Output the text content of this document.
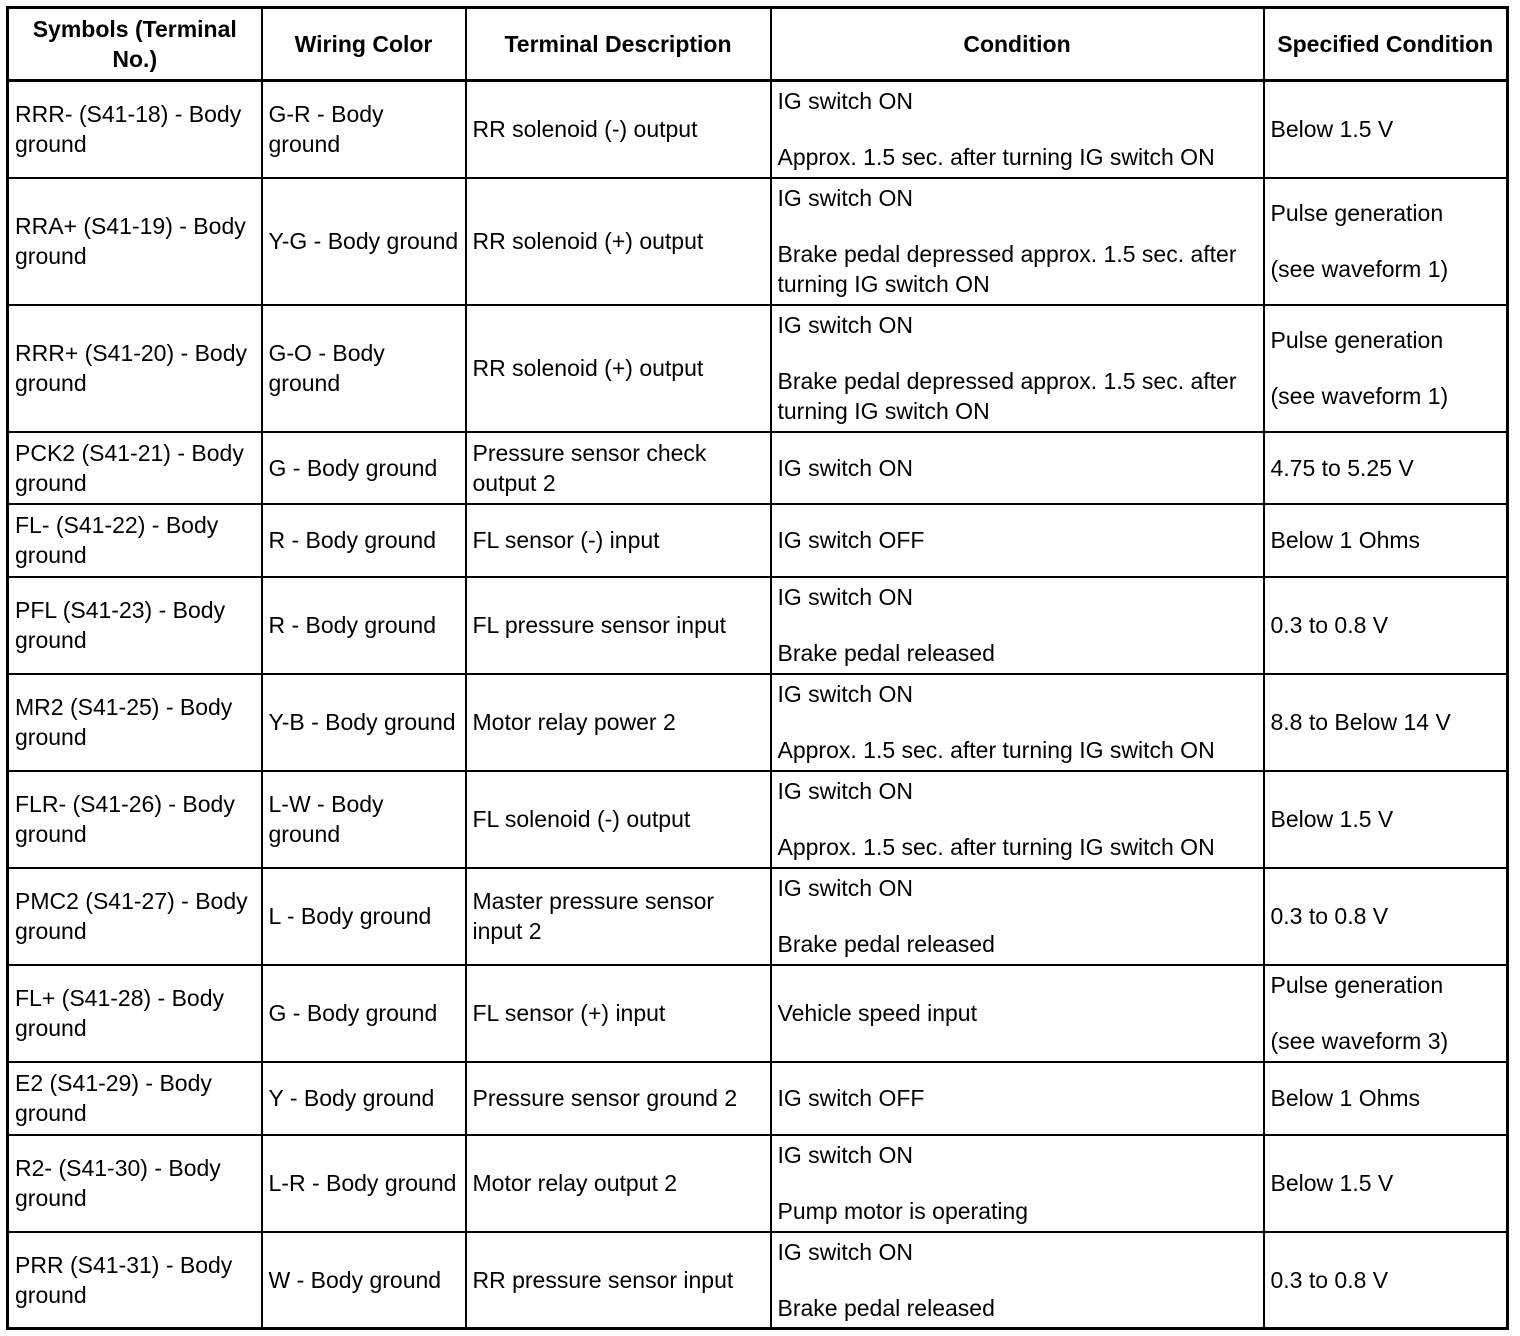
Symbols (Terminal No.)	Wiring Color	Terminal Description	Condition	Specified Condition
RRR- (S41-18) - Body ground	G-R - Body ground	RR solenoid (-) output	IG switch ON
Approx. 1.5 sec. after turning IG switch ON	Below 1.5 V

RRA+ (S41-19) - Body ground	Y-G - Body ground	RR solenoid (+) output	IG switch ON
Brake pedal depressed approx. 1.5 sec. after turning IG switch ON	Pulse generation
(see waveform 1)

RRR+ (S41-20) - Body ground	G-O - Body ground	RR solenoid (+) output	IG switch ON
Brake pedal depressed approx. 1.5 sec. after turning IG switch ON	Pulse generation
(see waveform 1)

PCK2 (S41-21) - Body ground	G - Body ground	Pressure sensor check output 2	IG switch ON	4.75 to 5.25 V

FL- (S41-22) - Body ground	R - Body ground	FL sensor (-) input	IG switch OFF	Below 1 Ohms

PFL (S41-23) - Body ground	R - Body ground	FL pressure sensor input	IG switch ON
Brake pedal released	0.3 to 0.8 V

MR2 (S41-25) - Body ground	Y-B - Body ground	Motor relay power 2	IG switch ON
Approx. 1.5 sec. after turning IG switch ON	8.8 to Below 14 V

FLR- (S41-26) - Body ground	L-W - Body ground	FL solenoid (-) output	IG switch ON
Approx. 1.5 sec. after turning IG switch ON	Below 1.5 V

PMC2 (S41-27) - Body ground	L - Body ground	Master pressure sensor input 2	IG switch ON
Brake pedal released	0.3 to 0.8 V

FL+ (S41-28) - Body ground	G - Body ground	FL sensor (+) input	Vehicle speed input	Pulse generation
(see waveform 3)

E2 (S41-29) - Body ground	Y - Body ground	Pressure sensor ground 2	IG switch OFF	Below 1 Ohms

R2- (S41-30) - Body ground	L-R - Body ground	Motor relay output 2	IG switch ON
Pump motor is operating	Below 1.5 V

PRR (S41-31) - Body ground	W - Body ground	RR pressure sensor input	IG switch ON
Brake pedal released	0.3 to 0.8 V
